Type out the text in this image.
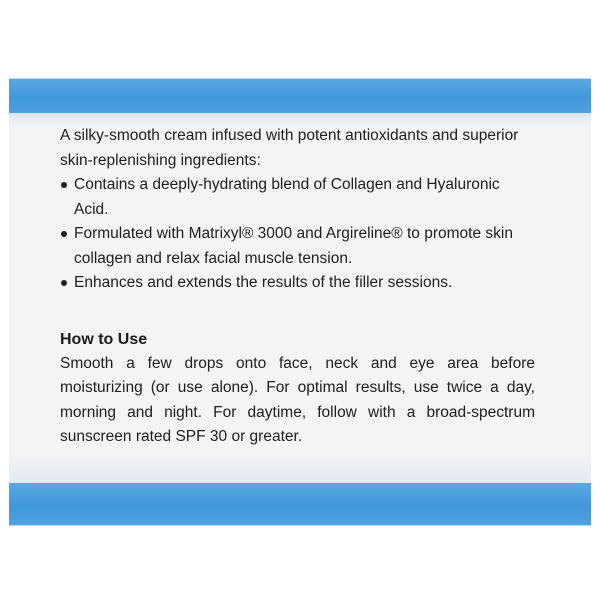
A silky-smooth cream infused with potent antioxidants and superior skin-replenishing ingredients:

Contains a deeply-hydrating blend of Collagen and Hyaluronic Acid.
Formulated with Matrixyl® 3000 and Argireline® to promote skin collagen and relax facial muscle tension.
Enhances and extends the results of the filler sessions.
How to Use

Smooth a few drops onto face, neck and eye area before moisturizing (or use alone). For optimal results, use twice a day, morning and night. For daytime, follow with a broad-spectrum sunscreen rated SPF 30 or greater.
